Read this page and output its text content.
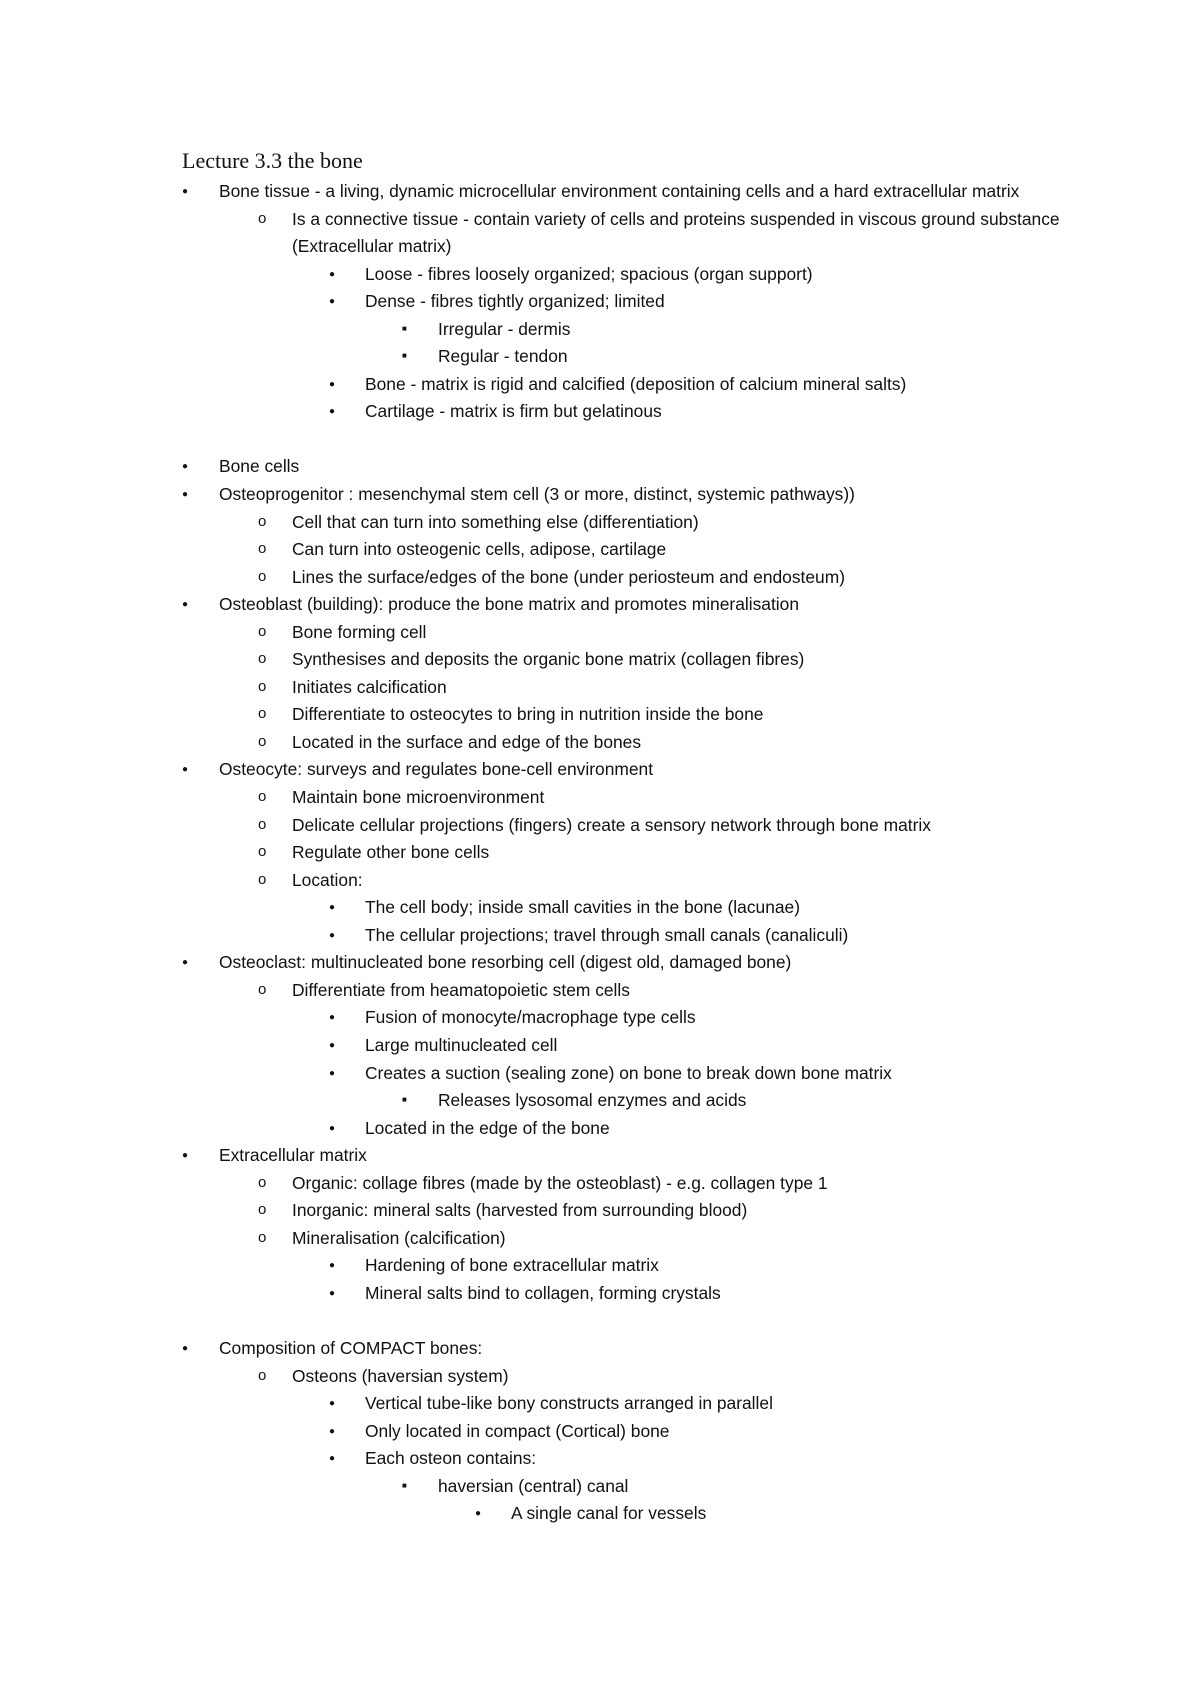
Lecture 3.3 the bone
●
Bone tissue - a living, dynamic microcellular environment containing cells and a hard extracellular matrix
o
Is a connective tissue - contain variety of cells and proteins suspended in viscous ground substance (Extracellular matrix)
●
Loose - fibres loosely organized; spacious (organ support)
●
Dense - fibres tightly organized; limited
■
Irregular - dermis
■
Regular - tendon
●
Bone - matrix is rigid and calcified (deposition of calcium mineral salts)
●
Cartilage - matrix is firm but gelatinous
●
Bone cells
●
Osteoprogenitor : mesenchymal stem cell (3 or more, distinct, systemic pathways))
o
Cell that can turn into something else (differentiation)
o
Can turn into osteogenic cells, adipose, cartilage
o
Lines the surface/edges of the bone (under periosteum and endosteum)
●
Osteoblast (building): produce the bone matrix and promotes mineralisation
o
Bone forming cell
o
Synthesises and deposits the organic bone matrix (collagen fibres)
o
Initiates calcification
o
Differentiate to osteocytes to bring in nutrition inside the bone
o
Located in the surface and edge of the bones
●
Osteocyte: surveys and regulates bone-cell environment
o
Maintain bone microenvironment
o
Delicate cellular projections (fingers) create a sensory network through bone matrix
o
Regulate other bone cells
o
Location:
●
The cell body; inside small cavities in the bone (lacunae)
●
The cellular projections; travel through small canals (canaliculi)
●
Osteoclast: multinucleated bone resorbing cell (digest old, damaged bone)
o
Differentiate from heamatopoietic stem cells
●
Fusion of monocyte/macrophage type cells
●
Large multinucleated cell
●
Creates a suction (sealing zone) on bone to break down bone matrix
■
Releases lysosomal enzymes and acids
●
Located in the edge of the bone
●
Extracellular matrix
o
Organic: collage fibres (made by the osteoblast) - e.g. collagen type 1
o
Inorganic: mineral salts (harvested from surrounding blood)
o
Mineralisation (calcification)
●
Hardening of bone extracellular matrix
●
Mineral salts bind to collagen, forming crystals
●
Composition of COMPACT bones:
o
Osteons (haversian system)
●
Vertical tube-like bony constructs arranged in parallel
●
Only located in compact (Cortical) bone
●
Each osteon contains:
■
haversian (central) canal
●
A single canal for vessels
